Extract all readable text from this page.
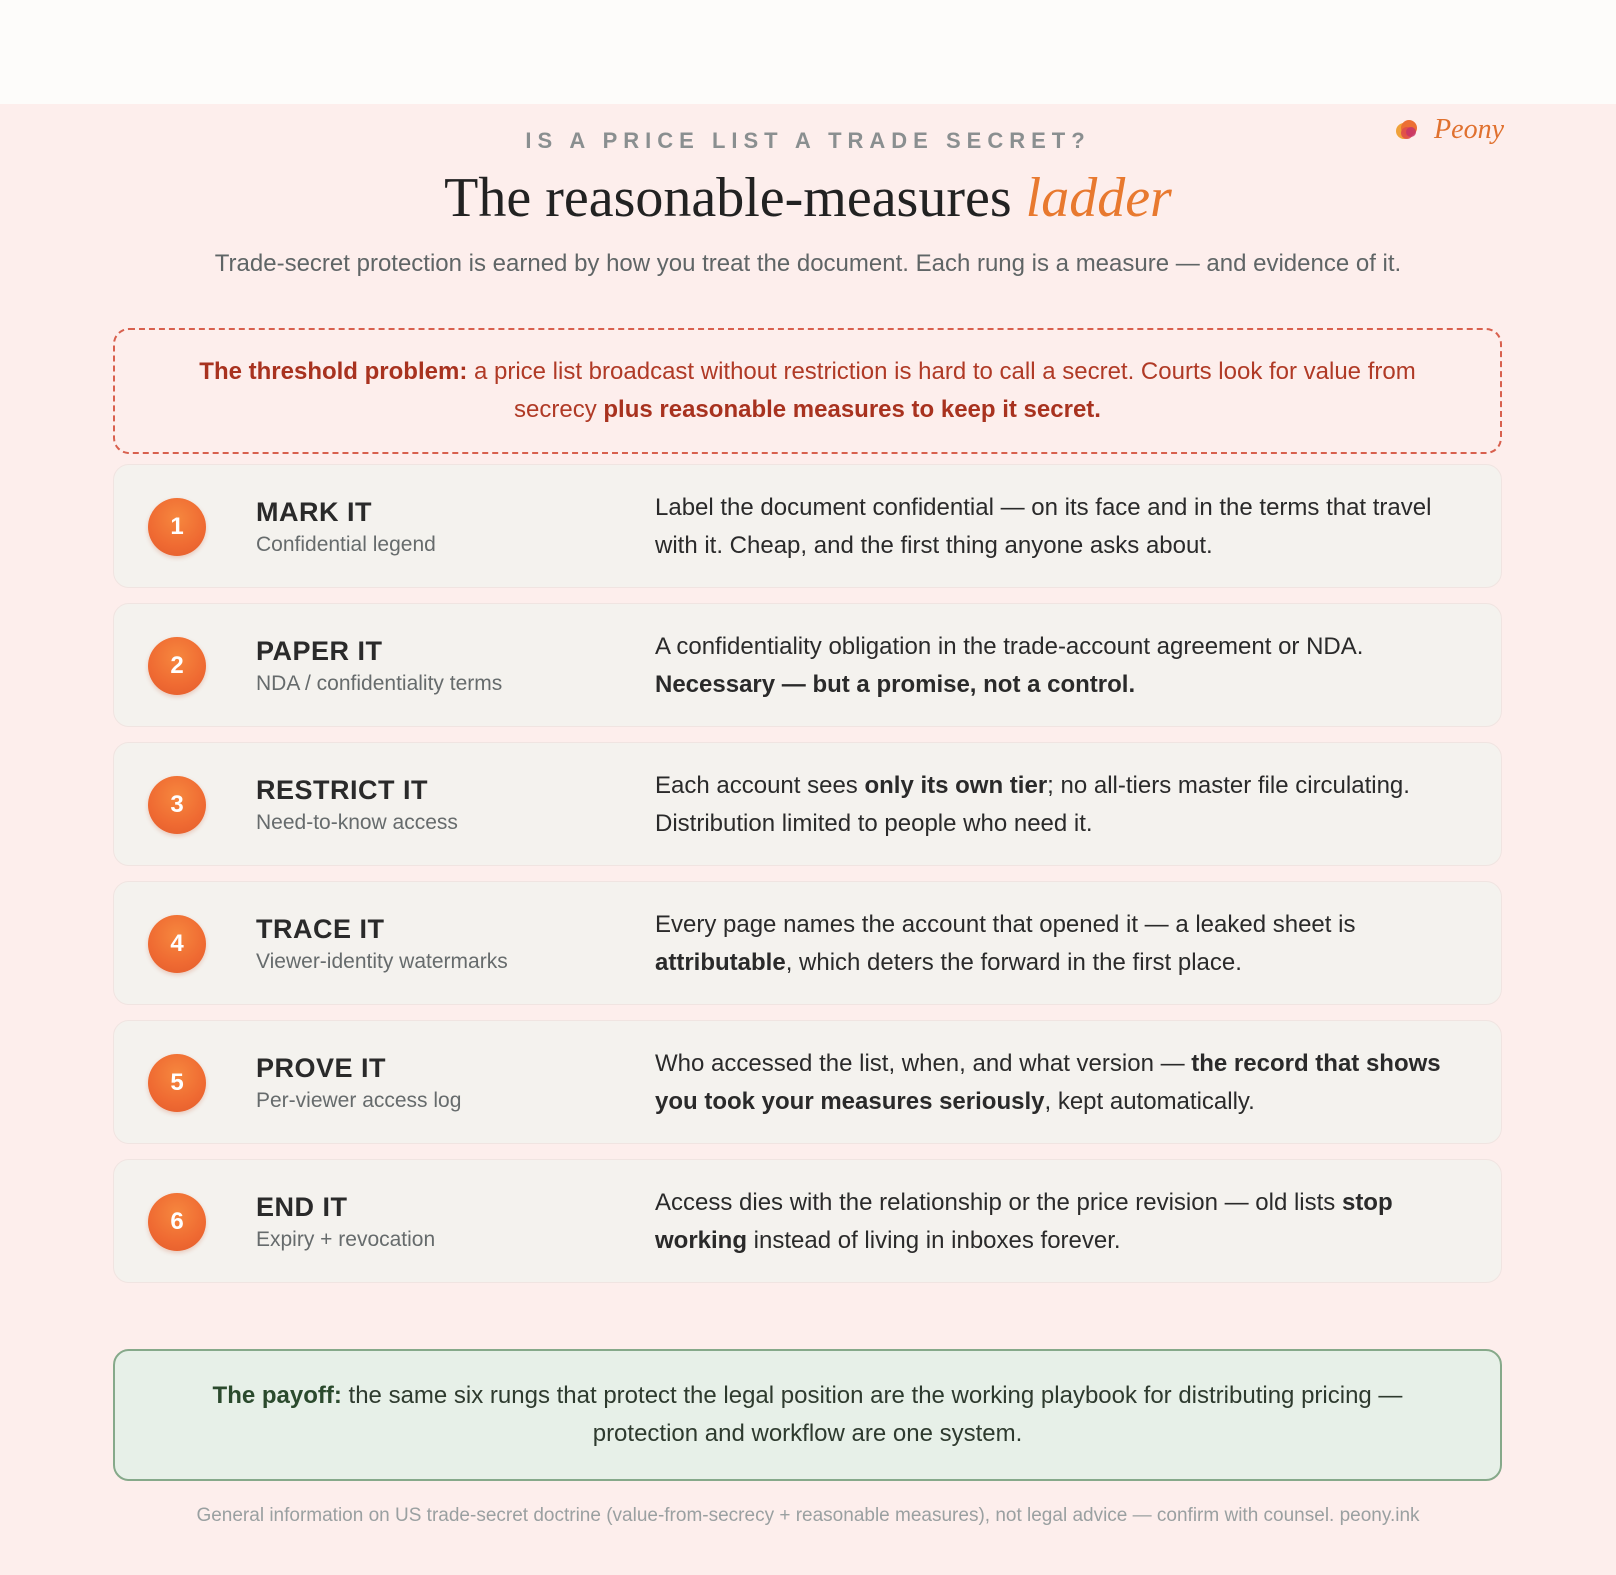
Peony
IS A PRICE LIST A TRADE SECRET?
The reasonable-measures ladder
Trade-secret protection is earned by how you treat the document. Each rung is a measure — and evidence of it.
The threshold problem: a price list broadcast without restriction is hard to call a secret. Courts look for value from secrecy plus reasonable measures to keep it secret.
1	MARK IT
Confidential legend
Label the document confidential — on its face and in the terms that travel with it. Cheap, and the first thing anyone asks about.
2	PAPER IT
NDA / confidentiality terms
A confidentiality obligation in the trade-account agreement or NDA. Necessary — but a promise, not a control.
3	RESTRICT IT
Need-to-know access
Each account sees only its own tier; no all-tiers master file circulating. Distribution limited to people who need it.
4	TRACE IT
Viewer-identity watermarks
Every page names the account that opened it — a leaked sheet is attributable, which deters the forward in the first place.
5	PROVE IT
Per-viewer access log
Who accessed the list, when, and what version — the record that shows you took your measures seriously, kept automatically.
6	END IT
Expiry + revocation
Access dies with the relationship or the price revision — old lists stop working instead of living in inboxes forever.
The payoff: the same six rungs that protect the legal position are the working playbook for distributing pricing — protection and workflow are one system.
General information on US trade-secret doctrine (value-from-secrecy + reasonable measures), not legal advice — confirm with counsel. peony.ink
